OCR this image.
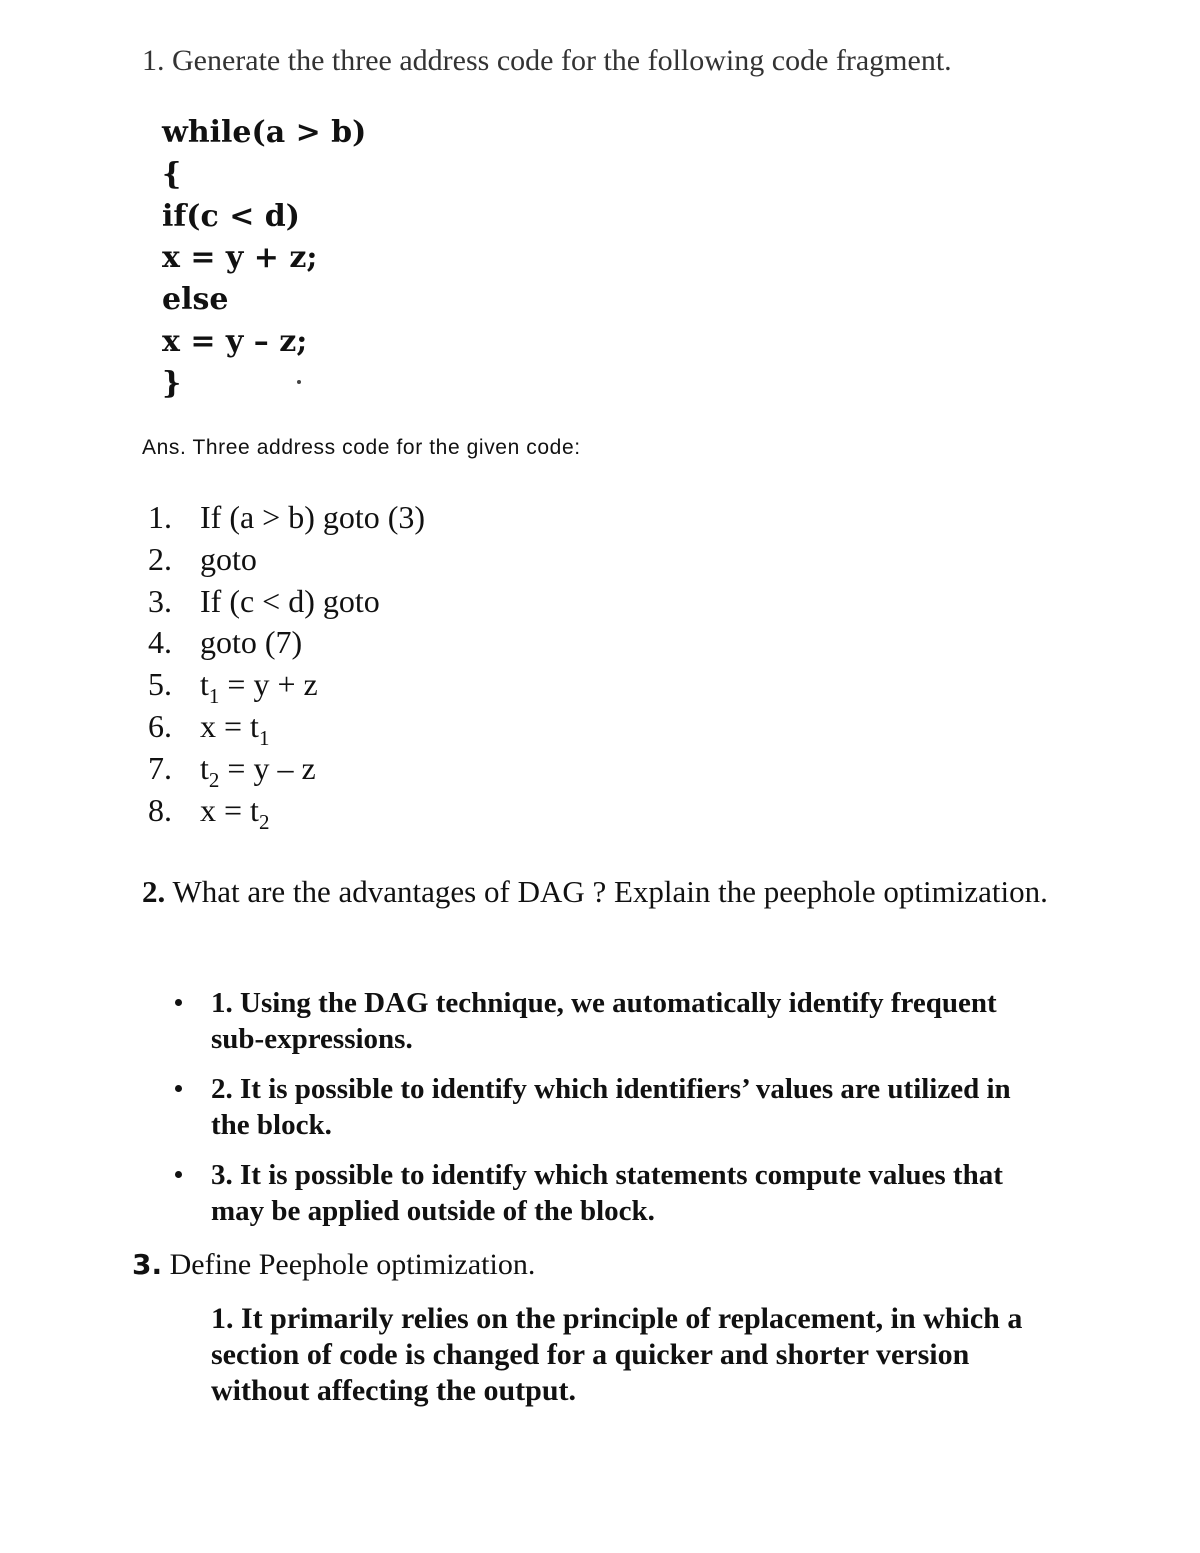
1. Generate the three address code for the following code fragment.
while(a > b)
{
if(c < d)
x = y + z;
else
x = y – z;
}
Ans. Three address code for the given code:
1. If (a > b) goto (3)
2. goto
3. If (c < d) goto
4. goto (7)
5. $t_1 = y + z$
6. $x = t_1$
7. $t_2 = y - z$
8. $x = t_2$
2. What are the advantages of DAG ? Explain the peephole optimization.
1. Using the DAG technique, we automatically identify frequent sub-expressions.
2. It is possible to identify which identifiers’ values are utilized in the block.
3. It is possible to identify which statements compute values that may be applied outside of the block.
3. Define Peephole optimization.
1. It primarily relies on the principle of replacement, in which a section of code is changed for a quicker and shorter version without affecting the output.
